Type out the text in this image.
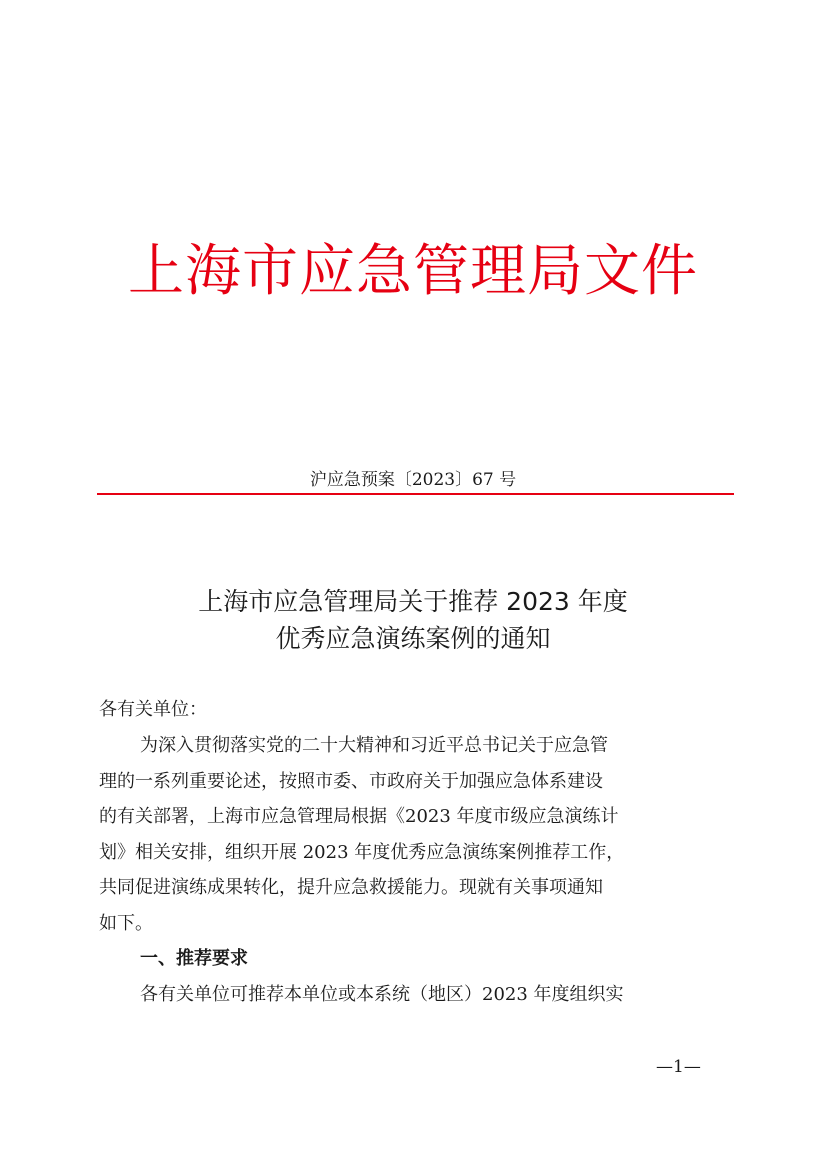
上海市应急管理局文件
沪应急预案〔2023〕67 号
上海市应急管理局关于推荐 2023 年度
优秀应急演练案例的通知
各有关单位：
为深入贯彻落实党的二十大精神和习近平总书记关于应急管
理的一系列重要论述，按照市委、市政府关于加强应急体系建设
的有关部署，上海市应急管理局根据《2023 年度市级应急演练计
划》相关安排，组织开展 2023 年度优秀应急演练案例推荐工作，
共同促进演练成果转化，提升应急救援能力。现就有关事项通知
如下。
一、推荐要求
各有关单位可推荐本单位或本系统（地区）2023 年度组织实
—1—
